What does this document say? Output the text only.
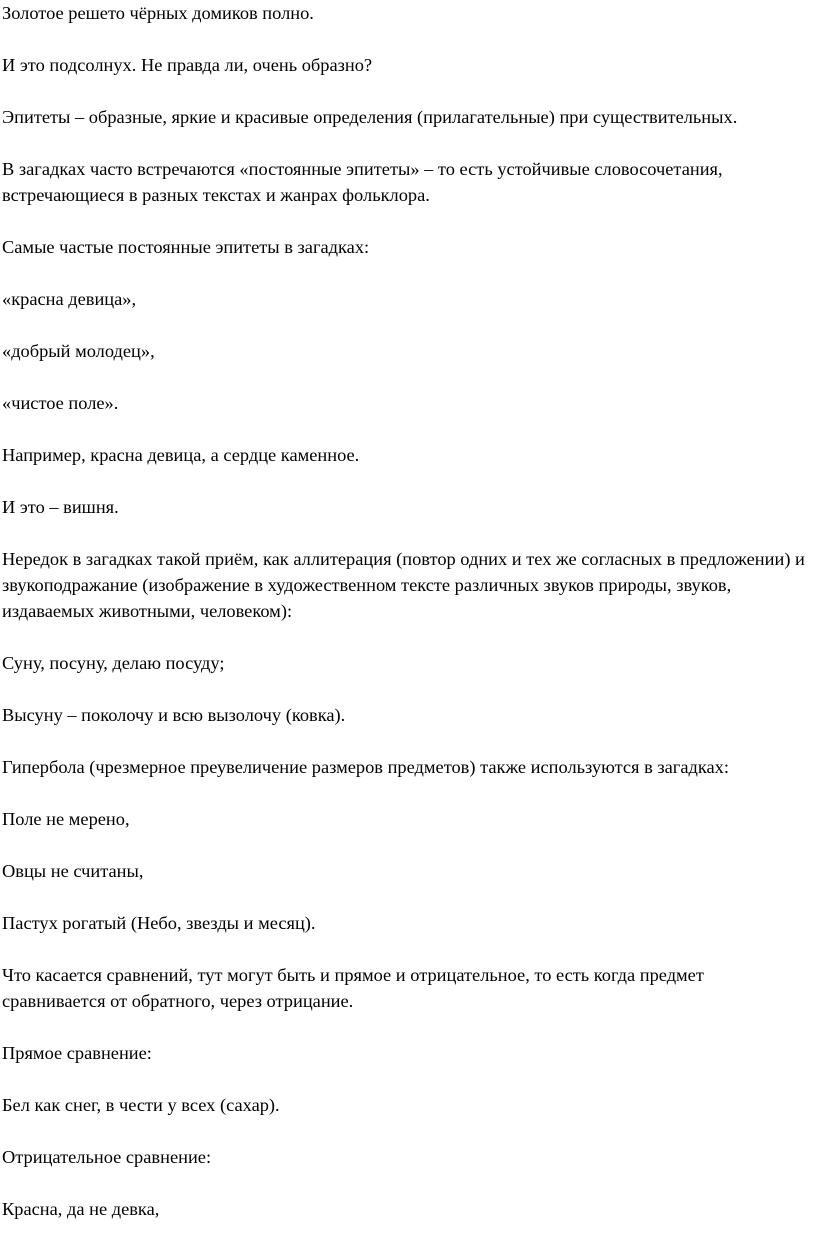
Золотое решето чёрных домиков полно.

И это подсолнух. Не правда ли, очень образно?

Эпитеты – образные, яркие и красивые определения (прилагательные) при существительных.

В загадках часто встречаются «постоянные эпитеты» – то есть устойчивые словосочетания, встречающиеся в разных текстах и жанрах фольклора.

Самые частые постоянные эпитеты в загадках:

«красна девица»,

«добрый молодец»,

«чистое поле».

Например, красна девица, а сердце каменное.

И это – вишня.

Нередок в загадках такой приём, как аллитерация (повтор одних и тех же согласных в предложении) и звукоподражание (изображение в художественном тексте различных звуков природы, звуков, издаваемых животными, человеком):

Суну, посуну, делаю посуду;

Высуну – поколочу и всю вызолочу (ковка).

Гипербола (чрезмерное преувеличение размеров предметов) также используются в загадках:

Поле не мерено,

Овцы не считаны,

Пастух рогатый (Небо, звезды и месяц).

Что касается сравнений, тут могут быть и прямое и отрицательное, то есть когда предмет сравнивается от обратного, через отрицание.

Прямое сравнение:

Бел как снег, в чести у всех (сахар).

Отрицательное сравнение:

Красна, да не девка,
